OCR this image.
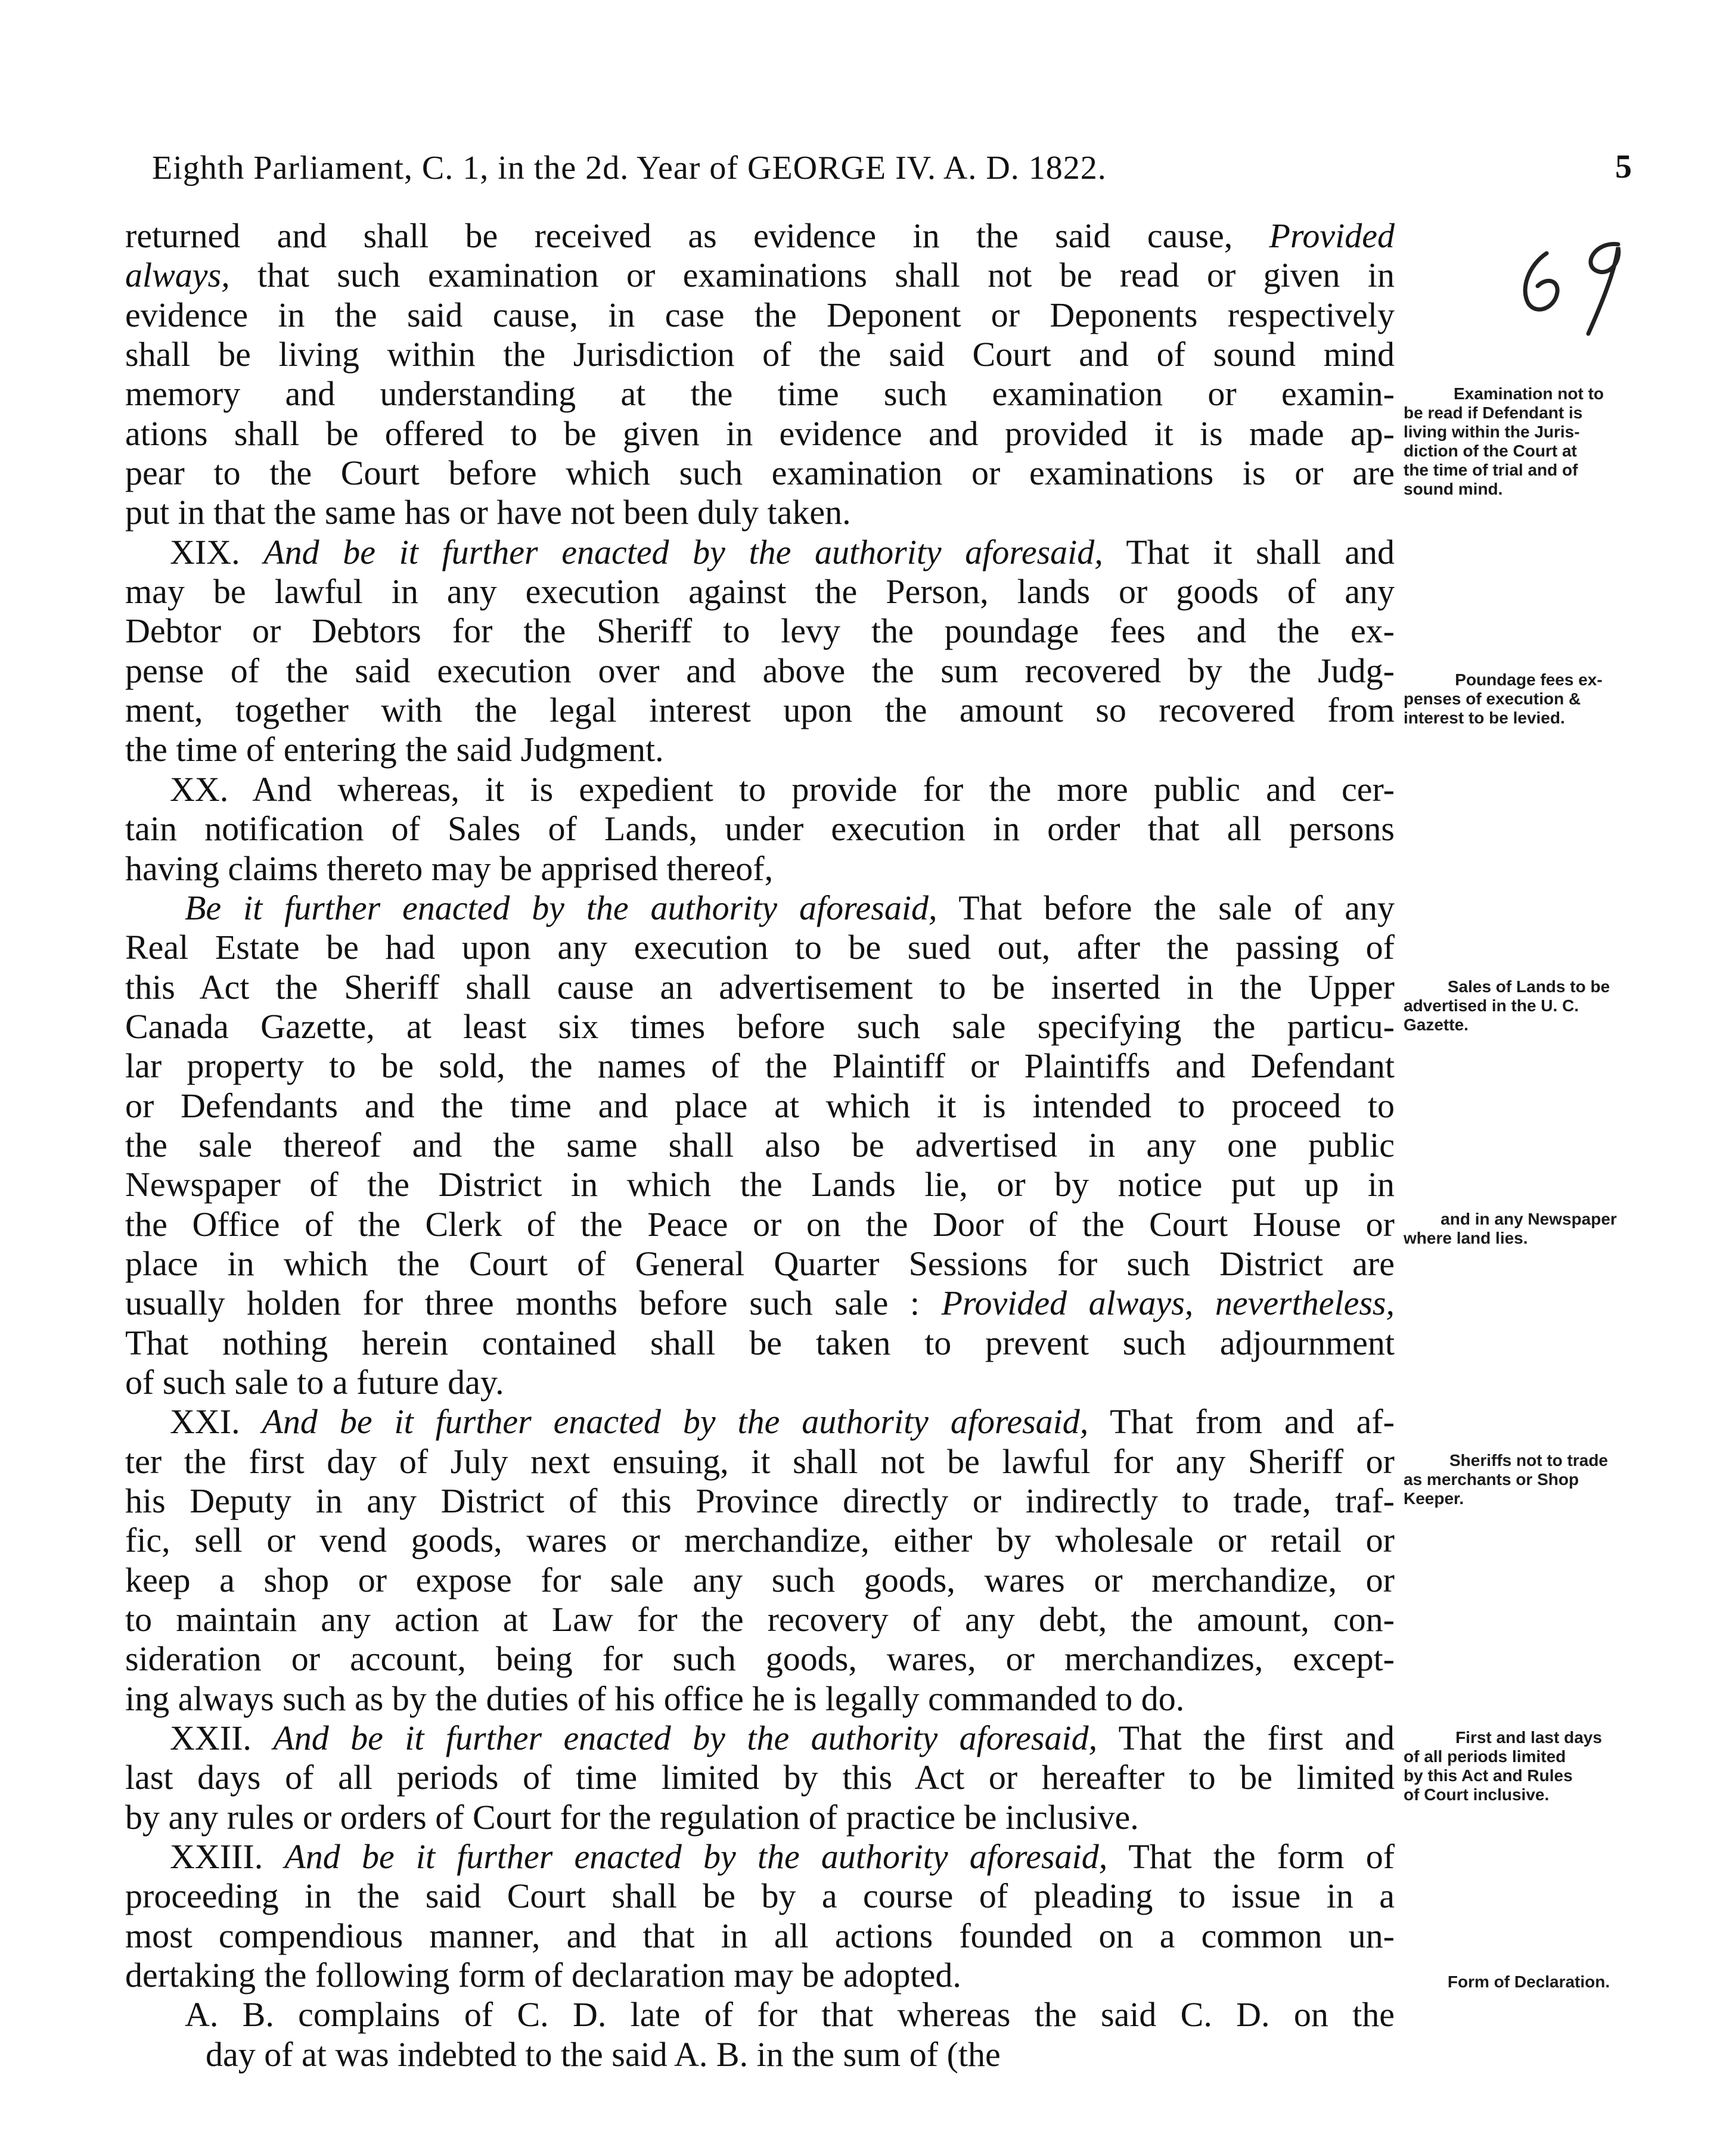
Eighth Parliament, C. 1, in the 2d. Year of GEORGE IV. A. D. 1822.	5
returned and shall be received as evidence in the said cause, Provided
always, that such examination or examinations shall not be read or given in
evidence in the said cause, in case the Deponent or Deponents respectively
shall be living within the Jurisdiction of the said Court and of sound mind
memory and understanding at the time such examination or examin-
ations shall be offered to be given in evidence and provided it is made ap-
pear to the Court before which such examination or examinations is or are
put in that the same has or have not been duly taken.
XIX. And be it further enacted by the authority aforesaid, That it shall and
may be lawful in any execution against the Person, lands or goods of any
Debtor or Debtors for the Sheriff to levy the poundage fees and the ex-
pense of the said execution over and above the sum recovered by the Judg-
ment, together with the legal interest upon the amount so recovered from
the time of entering the said Judgment.
XX. And whereas, it is expedient to provide for the more public and cer-
tain notification of Sales of Lands, under execution in order that all persons
having claims thereto may be apprised thereof,
Be it further enacted by the authority aforesaid, That before the sale of any
Real Estate be had upon any execution to be sued out, after the passing of
this Act the Sheriff shall cause an advertisement to be inserted in the Upper
Canada Gazette, at least six times before such sale specifying the particu-
lar property to be sold, the names of the Plaintiff or Plaintiffs and Defendant
or Defendants and the time and place at which it is intended to proceed to
the sale thereof and the same shall also be advertised in any one public
Newspaper of the District in which the Lands lie, or by notice put up in
the Office of the Clerk of the Peace or on the Door of the Court House or
place in which the Court of General Quarter Sessions for such District are
usually holden for three months before such sale : Provided always, nevertheless,
That nothing herein contained shall be taken to prevent such adjournment
of such sale to a future day.
XXI. And be it further enacted by the authority aforesaid, That from and af-
ter the first day of July next ensuing, it shall not be lawful for any Sheriff or
his Deputy in any District of this Province directly or indirectly to trade, traf-
fic, sell or vend goods, wares or merchandize, either by wholesale or retail or
keep a shop or expose for sale any such goods, wares or merchandize, or
to maintain any action at Law for the recovery of any debt, the amount, con-
sideration or account, being for such goods, wares, or merchandizes, except-
ing always such as by the duties of his office he is legally commanded to do.
XXII. And be it further enacted by the authority aforesaid, That the first and
last days of all periods of time limited by this Act or hereafter to be limited
by any rules or orders of Court for the regulation of practice be inclusive.
XXIII. And be it further enacted by the authority aforesaid, That the form of
proceeding in the said Court shall be by a course of pleading to issue in a
most compendious manner, and that in all actions founded on a common un-
dertaking the following form of declaration may be adopted.
A. B. complains of C. D. late of for that whereas the said C. D. on the
day of at was indebted to the said A. B. in the sum of (the
Examination not to
be read if Defendant is
living within the Juris-
diction of the Court at
the time of trial and of
sound mind.
Poundage fees ex-
penses of execution &
interest to be levied.
Sales of Lands to be
advertised in the U. C.
Gazette.
and in any Newspaper
where land lies.
Sheriffs not to trade
as merchants or Shop
Keeper.
First and last days
of all periods limited
by this Act and Rules
of Court inclusive.
Form of Declaration.
